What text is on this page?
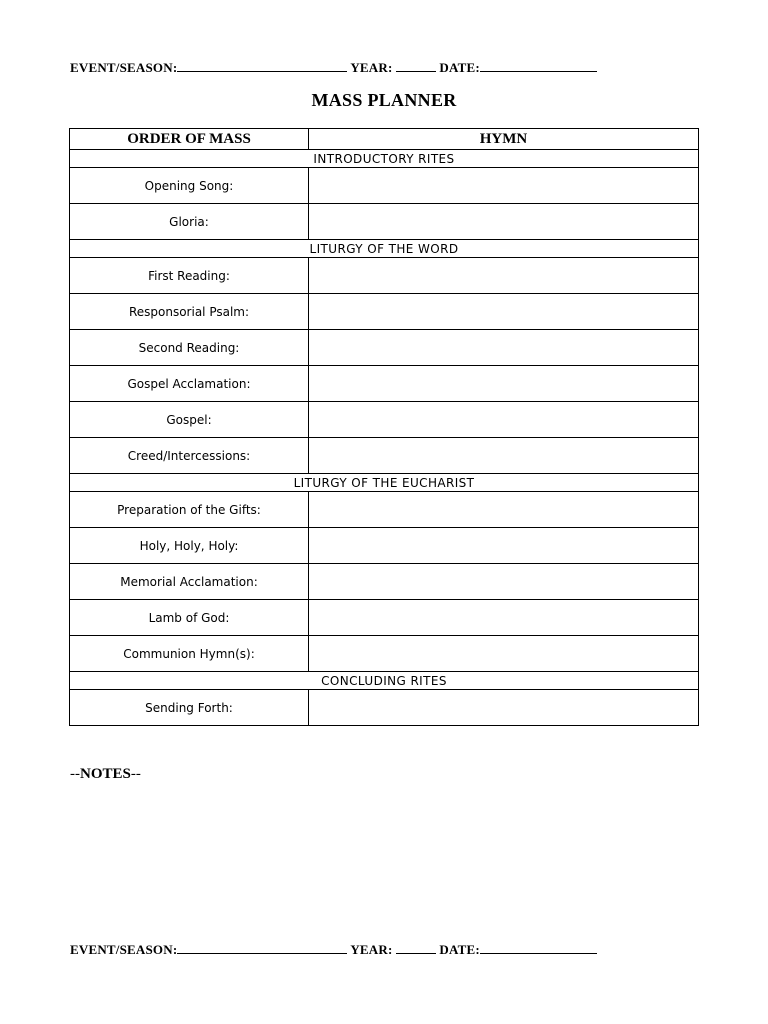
EVENT/SEASON:	YEAR:	DATE:
MASS PLANNER
ORDER OF MASS	HYMN
INTRODUCTORY RITES	
Opening Song:	
Gloria:	
LITURGY OF THE WORD	
First Reading:	
Responsorial Psalm:	
Second Reading:	
Gospel Acclamation:	
Gospel:	
Creed/Intercessions:	
LITURGY OF THE EUCHARIST	
Preparation of the Gifts:	
Holy, Holy, Holy:	
Memorial Acclamation:	
Lamb of God:	
Communion Hymn(s):	
CONCLUDING RITES	
Sending Forth:	
--NOTES--
EVENT/SEASON:	YEAR:	DATE:
